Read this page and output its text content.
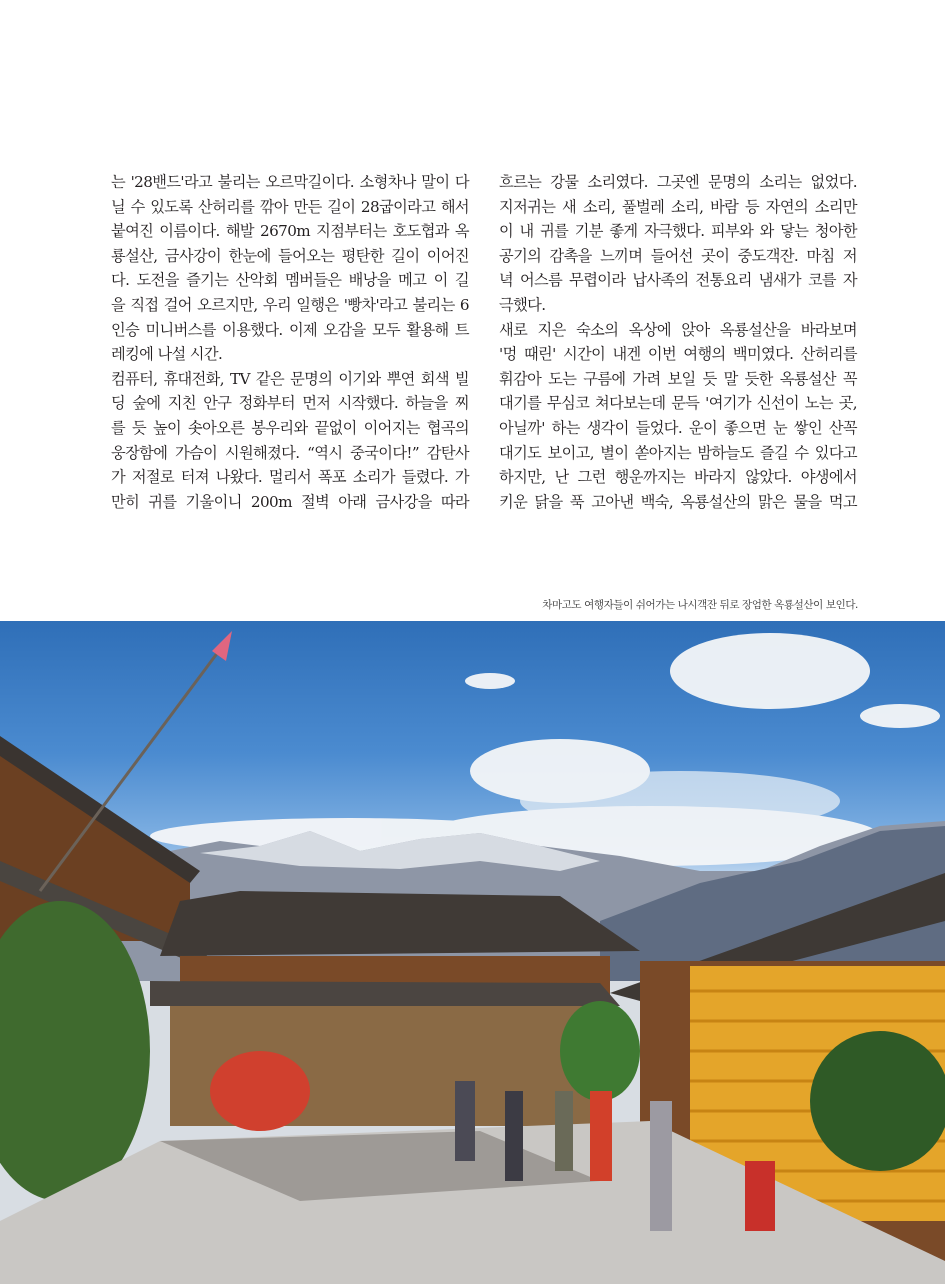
는 '28밴드'라고 불리는 오르막길이다. 소형차나 말이 다
닐 수 있도록 산허리를 깎아 만든 길이 28굽이라고 해서
붙여진 이름이다. 해발 2670m 지점부터는 호도협과 옥
룡설산, 금사강이 한눈에 들어오는 평탄한 길이 이어진
다. 도전을 즐기는 산악회 멤버들은 배낭을 메고 이 길
을 직접 걸어 오르지만, 우리 일행은 '빵차'라고 불리는 6
인승 미니버스를 이용했다. 이제 오감을 모두 활용해 트
레킹에 나설 시간.
컴퓨터, 휴대전화, TV 같은 문명의 이기와 뿌연 회색 빌
딩 숲에 지친 안구 정화부터 먼저 시작했다. 하늘을 찌
를 듯 높이 솟아오른 봉우리와 끝없이 이어지는 협곡의
웅장함에 가슴이 시원해졌다. “역시 중국이다!” 감탄사
가 저절로 터져 나왔다. 멀리서 폭포 소리가 들렸다. 가
만히 귀를 기울이니 200m 절벽 아래 금사강을 따라
흐르는 강물 소리였다. 그곳엔 문명의 소리는 없었다.
지저귀는 새 소리, 풀벌레 소리, 바람 등 자연의 소리만
이 내 귀를 기분 좋게 자극했다. 피부와 와 닿는 청아한
공기의 감촉을 느끼며 들어선 곳이 중도객잔. 마침 저
녁 어스름 무렵이라 납사족의 전통요리 냄새가 코를 자
극했다.
새로 지은 숙소의 옥상에 앉아 옥룡설산을 바라보며
'멍 때린' 시간이 내겐 이번 여행의 백미였다. 산허리를
휘감아 도는 구름에 가려 보일 듯 말 듯한 옥룡설산 꼭
대기를 무심코 쳐다보는데 문득 '여기가 신선이 노는 곳,
아닐까' 하는 생각이 들었다. 운이 좋으면 눈 쌓인 산꼭
대기도 보이고, 별이 쏟아지는 밤하늘도 즐길 수 있다고
하지만, 난 그런 행운까지는 바라지 않았다. 야생에서
키운 닭을 푹 고아낸 백숙, 옥룡설산의 맑은 물을 먹고
차마고도 여행자들이 쉬어가는 나시객잔 뒤로 장엄한 옥룡설산이 보인다.
